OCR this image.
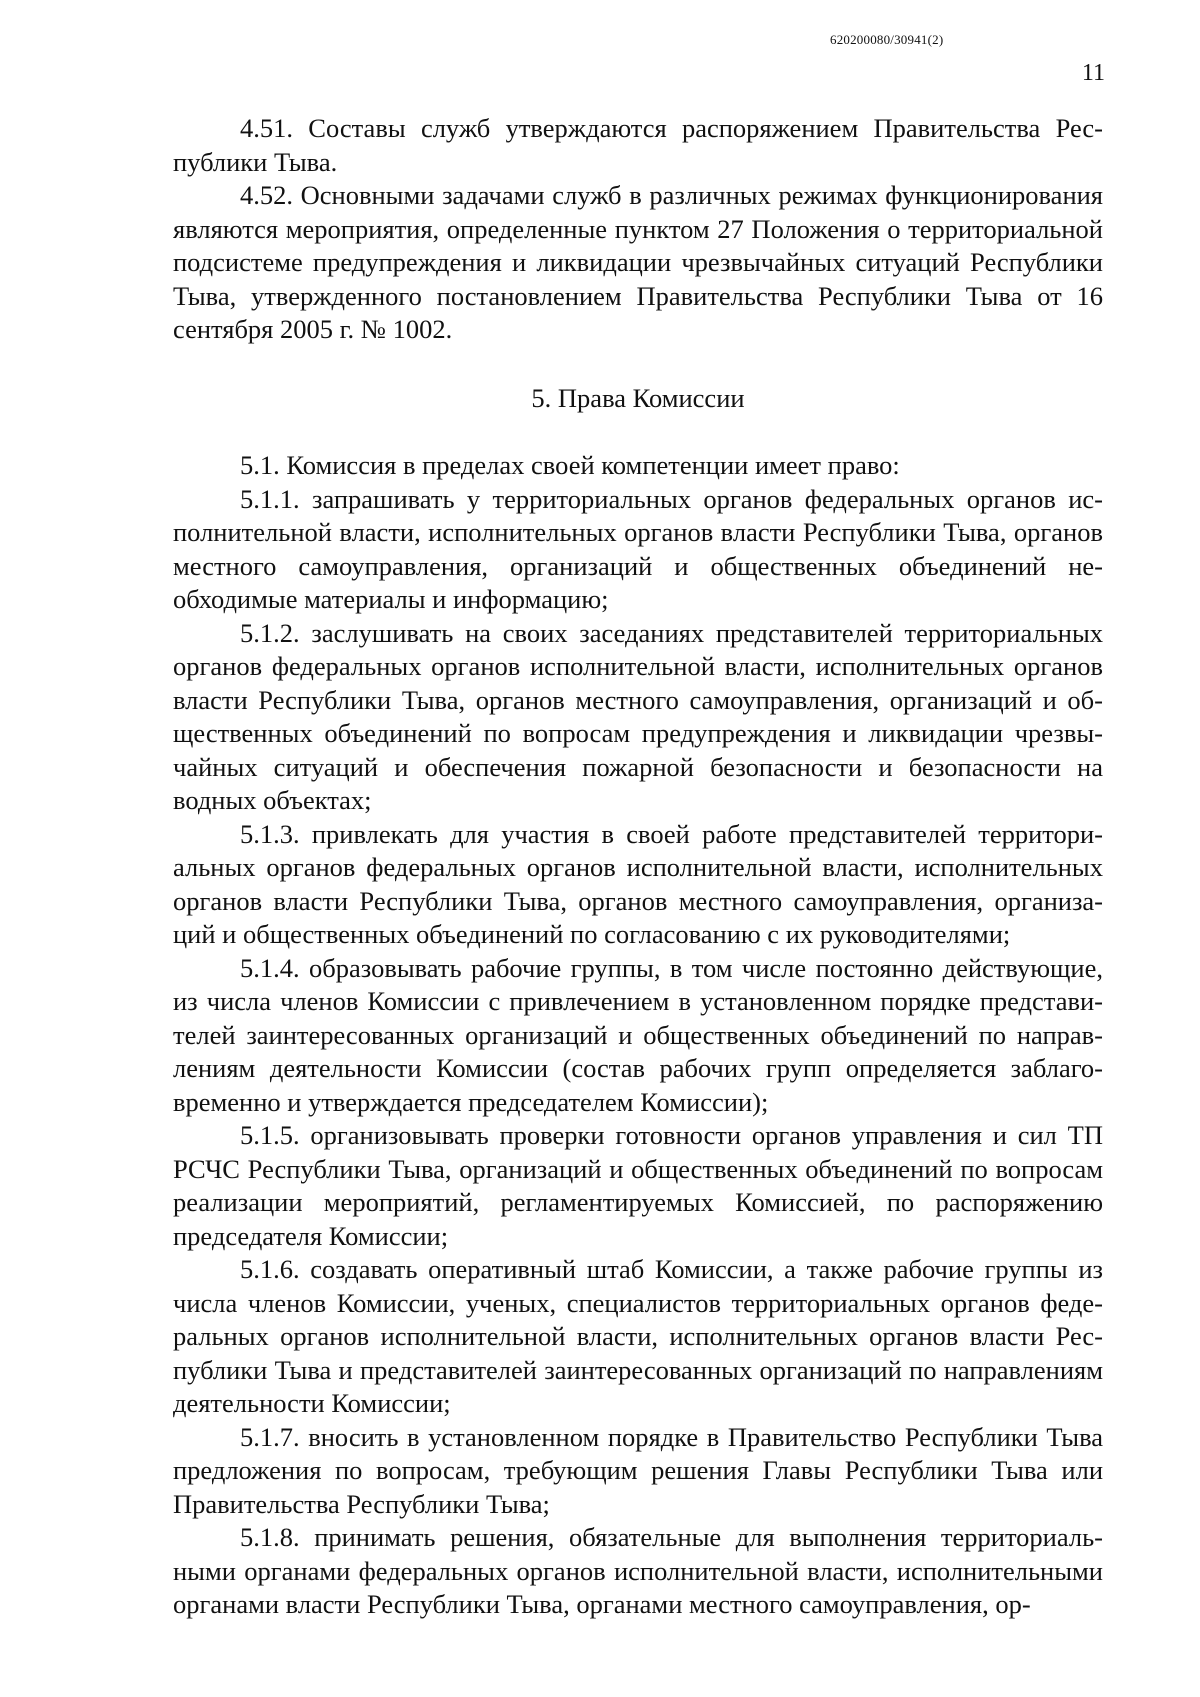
620200080/30941(2)
11

4.51. Составы служб утверждаются распоряжением Правительства Республики Тыва.

4.52. Основными задачами служб в различных режимах функционирования являются мероприятия, определенные пунктом 27 Положения о территориальной подсистеме предупреждения и ликвидации чрезвычайных ситуаций Республики Тыва, утвержденного постановлением Правительства Республики Тыва от 16 сентября 2005 г. № 1002.

5. Права Комиссии

5.1. Комиссия в пределах своей компетенции имеет право:

5.1.1. запрашивать у территориальных органов федеральных органов исполнительной власти, исполнительных органов власти Республики Тыва, органов местного самоуправления, организаций и общественных объединений необходимые материалы и информацию;

5.1.2. заслушивать на своих заседаниях представителей территориальных органов федеральных органов исполнительной власти, исполнительных органов власти Республики Тыва, органов местного самоуправления, организаций и общественных объединений по вопросам предупреждения и ликвидации чрезвычайных ситуаций и обеспечения пожарной безопасности и безопасности на водных объектах;

5.1.3. привлекать для участия в своей работе представителей территориальных органов федеральных органов исполнительной власти, исполнительных органов власти Республики Тыва, органов местного самоуправления, организаций и общественных объединений по согласованию с их руководителями;

5.1.4. образовывать рабочие группы, в том числе постоянно действующие, из числа членов Комиссии с привлечением в установленном порядке представителей заинтересованных организаций и общественных объединений по направлениям деятельности Комиссии (состав рабочих групп определяется заблаговременно и утверждается председателем Комиссии);

5.1.5. организовывать проверки готовности органов управления и сил ТП РСЧС Республики Тыва, организаций и общественных объединений по вопросам реализации мероприятий, регламентируемых Комиссией, по распоряжению председателя Комиссии;

5.1.6. создавать оперативный штаб Комиссии, а также рабочие группы из числа членов Комиссии, ученых, специалистов территориальных органов федеральных органов исполнительной власти, исполнительных органов власти Республики Тыва и представителей заинтересованных организаций по направлениям деятельности Комиссии;

5.1.7. вносить в установленном порядке в Правительство Республики Тыва предложения по вопросам, требующим решения Главы Республики Тыва или Правительства Республики Тыва;

5.1.8. принимать решения, обязательные для выполнения территориальными органами федеральных органов исполнительной власти, исполнительными органами власти Республики Тыва, органами местного самоуправления, ор-
